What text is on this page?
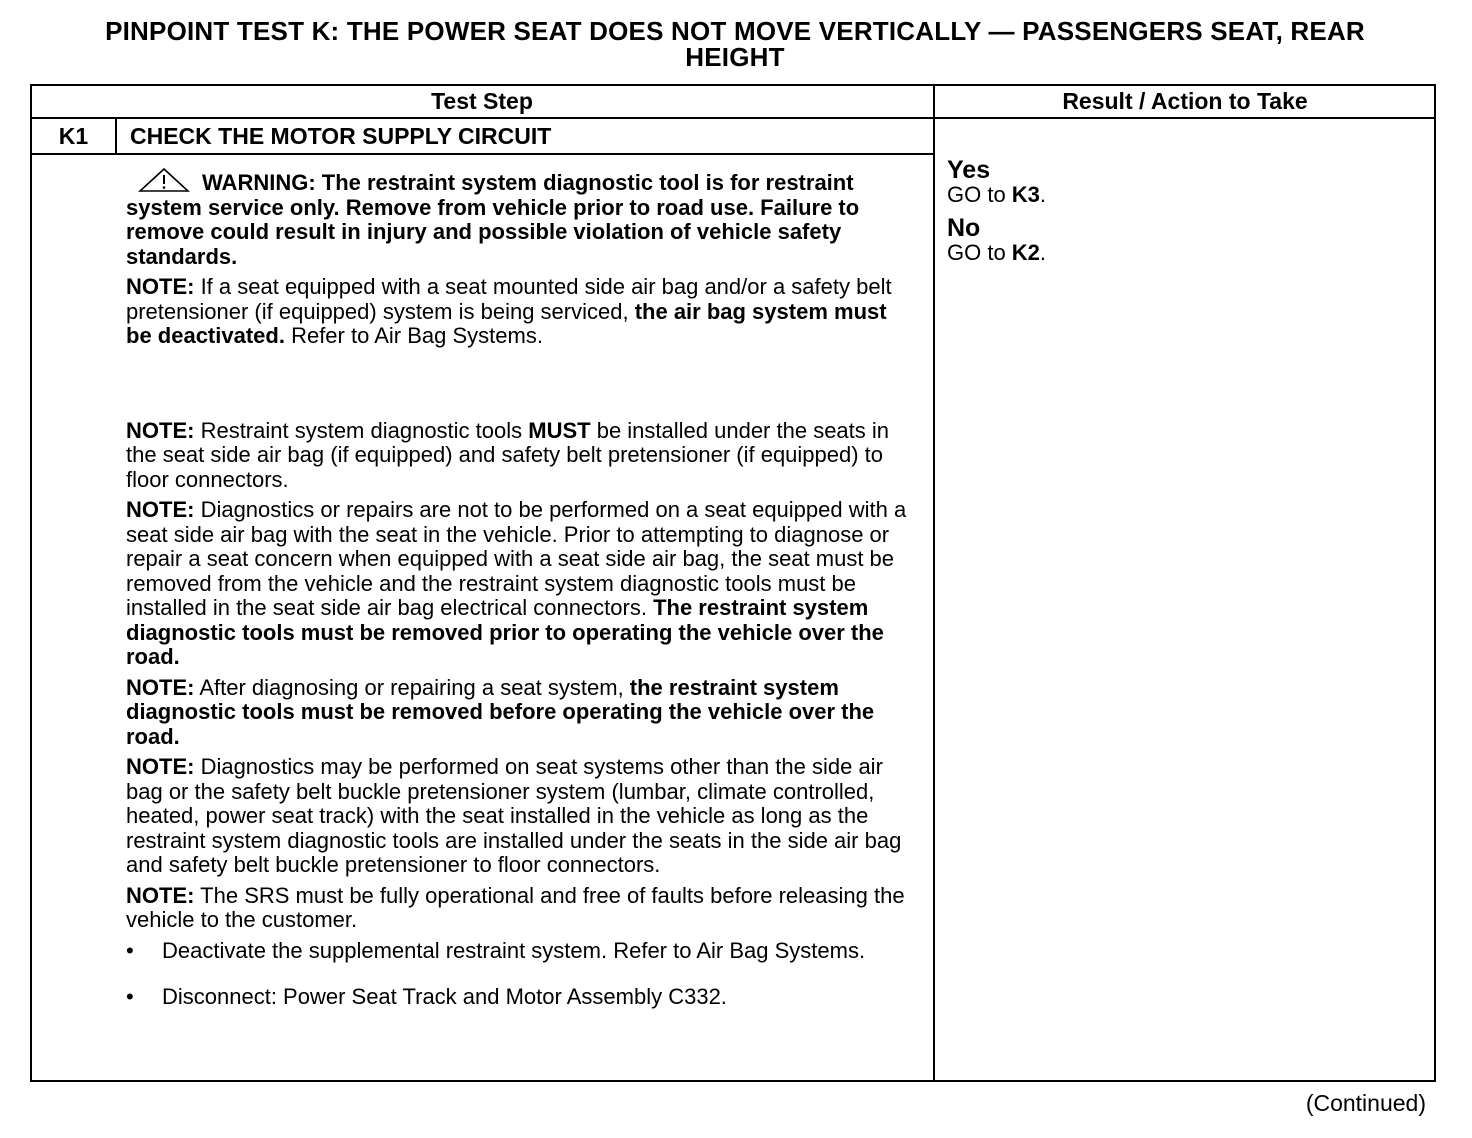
PINPOINT TEST K: THE POWER SEAT DOES NOT MOVE VERTICALLY — PASSENGERS SEAT, REAR
HEIGHT
Test Step	Result / Action to Take
K1	CHECK THE MOTOR SUPPLY CIRCUIT

WARNING: The restraint system diagnostic tool is for restraint system service only. Remove from vehicle prior to road use. Failure to remove could result in injury and possible violation of vehicle safety standards.

NOTE: If a seat equipped with a seat mounted side air bag and/or a safety belt pretensioner (if equipped) system is being serviced, the air bag system must be deactivated. Refer to Air Bag Systems.

NOTE: Restraint system diagnostic tools MUST be installed under the seats in the seat side air bag (if equipped) and safety belt pretensioner (if equipped) to floor connectors.

NOTE: Diagnostics or repairs are not to be performed on a seat equipped with a seat side air bag with the seat in the vehicle. Prior to attempting to diagnose or repair a seat concern when equipped with a seat side air bag, the seat must be removed from the vehicle and the restraint system diagnostic tools must be installed in the seat side air bag electrical connectors. The restraint system diagnostic tools must be removed prior to operating the vehicle over the road.

NOTE: After diagnosing or repairing a seat system, the restraint system diagnostic tools must be removed before operating the vehicle over the road.

NOTE: Diagnostics may be performed on seat systems other than the side air bag or the safety belt buckle pretensioner system (lumbar, climate controlled, heated, power seat track) with the seat installed in the vehicle as long as the restraint system diagnostic tools are installed under the seats in the side air bag and safety belt buckle pretensioner to floor connectors.

NOTE: The SRS must be fully operational and free of faults before releasing the vehicle to the customer.

• Deactivate the supplemental restraint system. Refer to Air Bag Systems.
• Disconnect: Power Seat Track and Motor Assembly C332.
Yes
GO to K3.
No
GO to K2.
(Continued)
